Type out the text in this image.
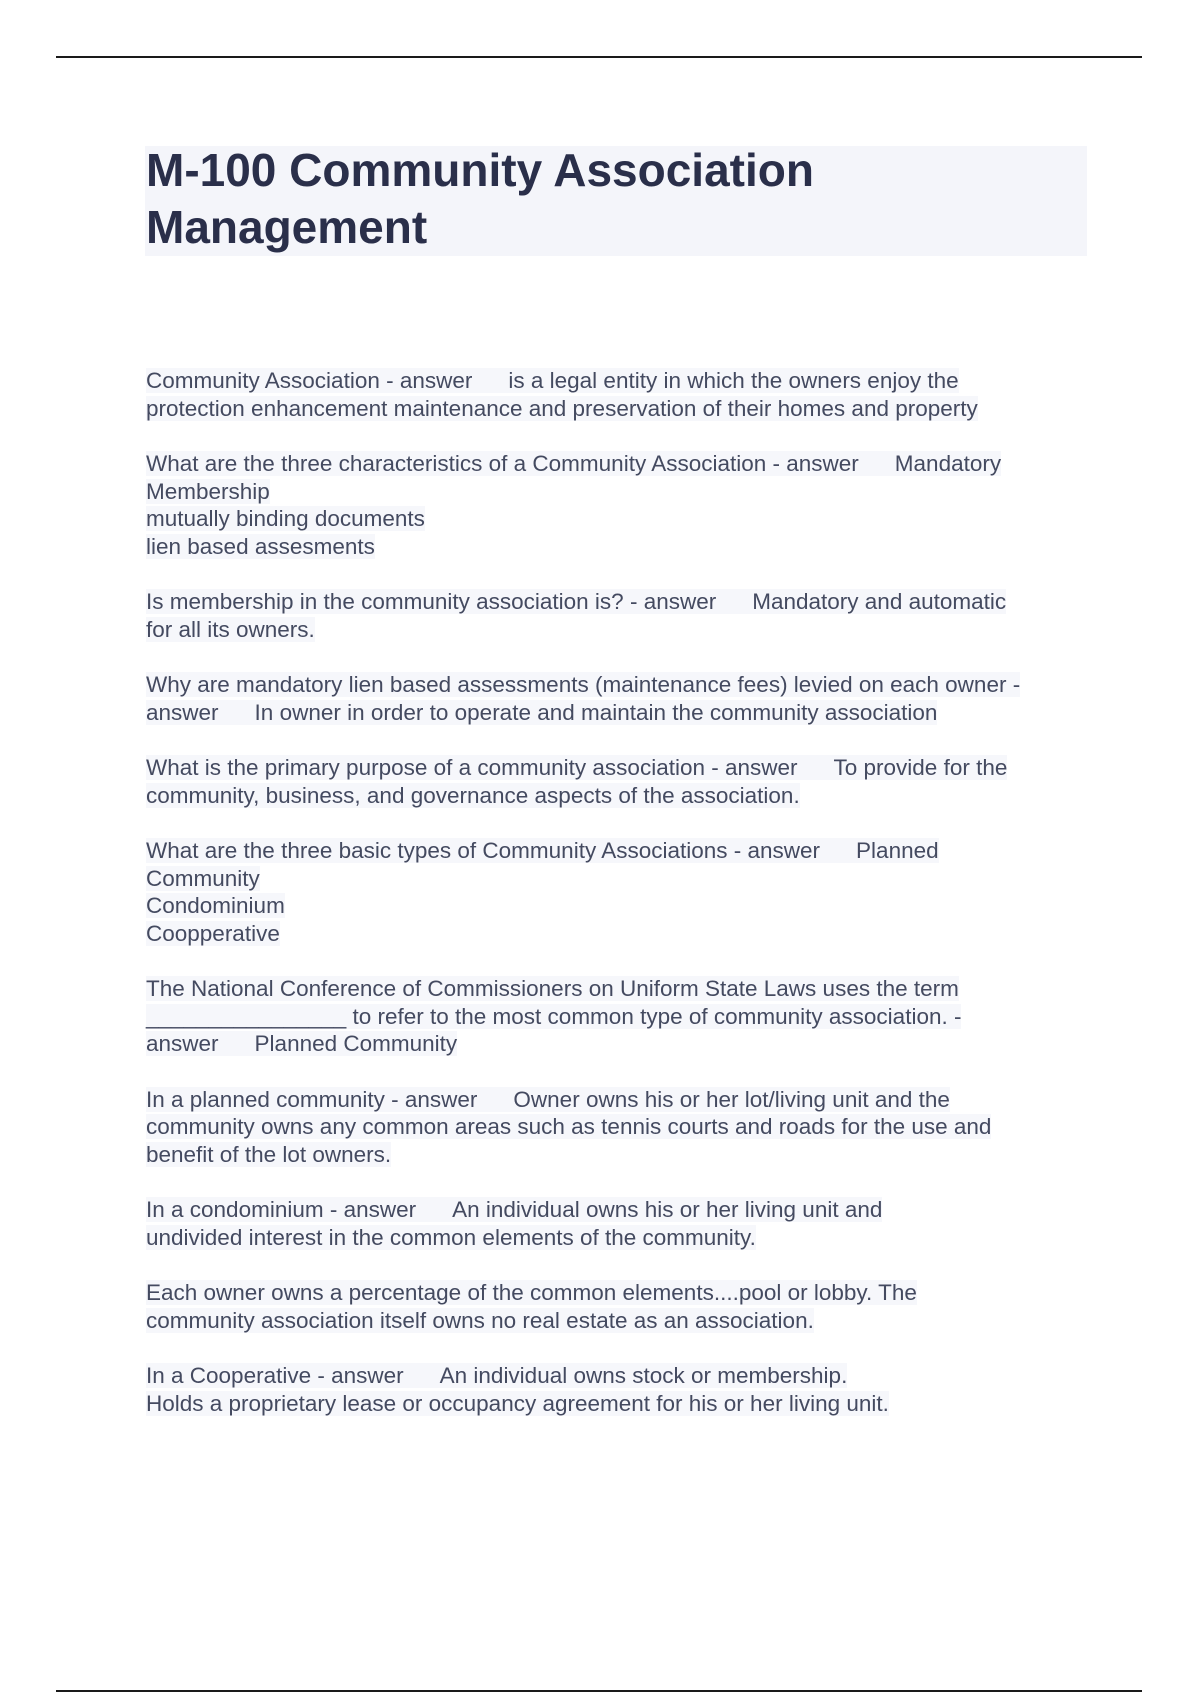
M-100 Community Association
Management

Community Association - answer is a legal entity in which the owners enjoy the
protection enhancement maintenance and preservation of their homes and property

What are the three characteristics of a Community Association - answer Mandatory
Membership
mutually binding documents
lien based assesments

Is membership in the community association is? - answer Mandatory and automatic
for all its owners.

Why are mandatory lien based assessments (maintenance fees) levied on each owner -
answer In owner in order to operate and maintain the community association

What is the primary purpose of a community association - answer To provide for the
community, business, and governance aspects of the association.

What are the three basic types of Community Associations - answer Planned
Community
Condominium
Coopperative

The National Conference of Commissioners on Uniform State Laws uses the term
________________ to refer to the most common type of community association. -
answer Planned Community

In a planned community - answer Owner owns his or her lot/living unit and the
community owns any common areas such as tennis courts and roads for the use and
benefit of the lot owners.

In a condominium - answer An individual owns his or her living unit and
undivided interest in the common elements of the community.

Each owner owns a percentage of the common elements....pool or lobby. The
community association itself owns no real estate as an association.

In a Cooperative - answer An individual owns stock or membership.
Holds a proprietary lease or occupancy agreement for his or her living unit.
